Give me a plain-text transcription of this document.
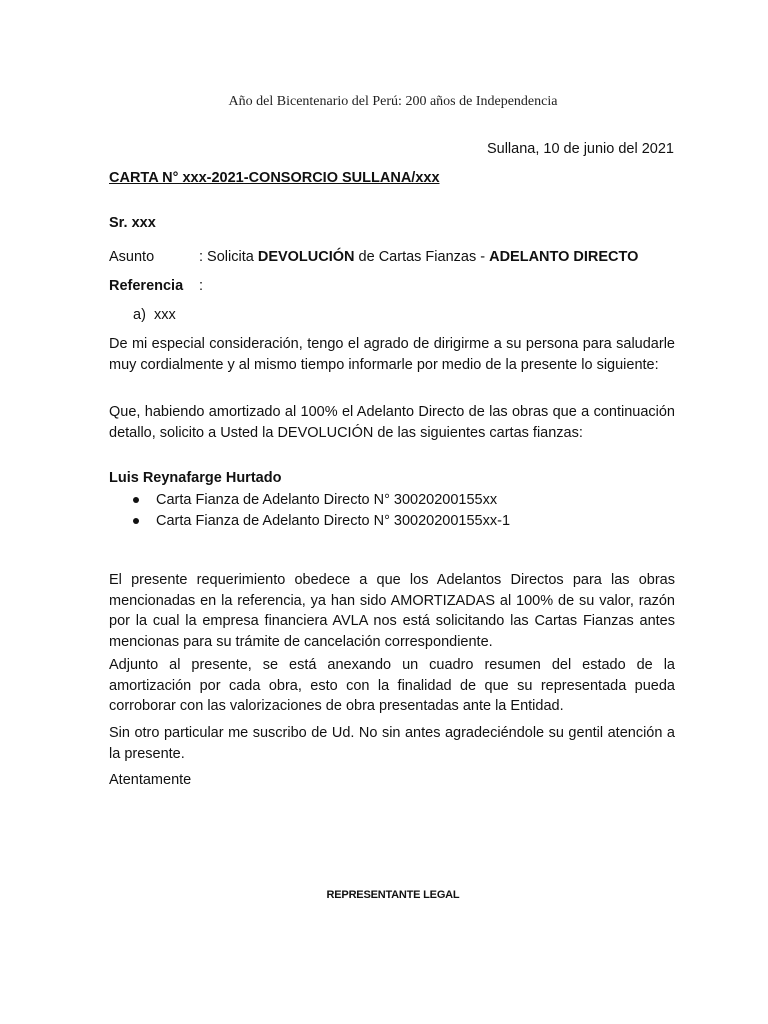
Año del Bicentenario del Perú: 200 años de Independencia
Sullana, 10 de junio del 2021
CARTA N° xxx-2021-CONSORCIO SULLANA/xxx
Sr. xxx
Asunto	: Solicita DEVOLUCIÓN de Cartas Fianzas - ADELANTO DIRECTO
Referencia :
a)  xxx
De mi especial consideración, tengo el agrado de dirigirme a su persona para saludarle muy cordialmente y al mismo tiempo informarle por medio de la presente lo siguiente:
Que, habiendo amortizado al 100% el Adelanto Directo de las obras que a continuación detallo, solicito a Usted la DEVOLUCIÓN de las siguientes cartas fianzas:
Luis Reynafarge Hurtado
Carta Fianza de Adelanto Directo N° 30020200155xx
Carta Fianza de Adelanto Directo N° 30020200155xx-1
El presente requerimiento obedece a que los Adelantos Directos para las obras mencionadas en la referencia, ya han sido AMORTIZADAS al 100% de su valor, razón por la cual la empresa financiera AVLA nos está solicitando las Cartas Fianzas antes mencionas para su trámite de cancelación correspondiente.
Adjunto al presente, se está anexando un cuadro resumen del estado de la amortización por cada obra, esto con la finalidad de que su representada pueda corroborar con las valorizaciones de obra presentadas ante la Entidad.
Sin otro particular me suscribo de Ud. No sin antes agradeciéndole su gentil atención a la presente.
Atentamente
REPRESENTANTE LEGAL
